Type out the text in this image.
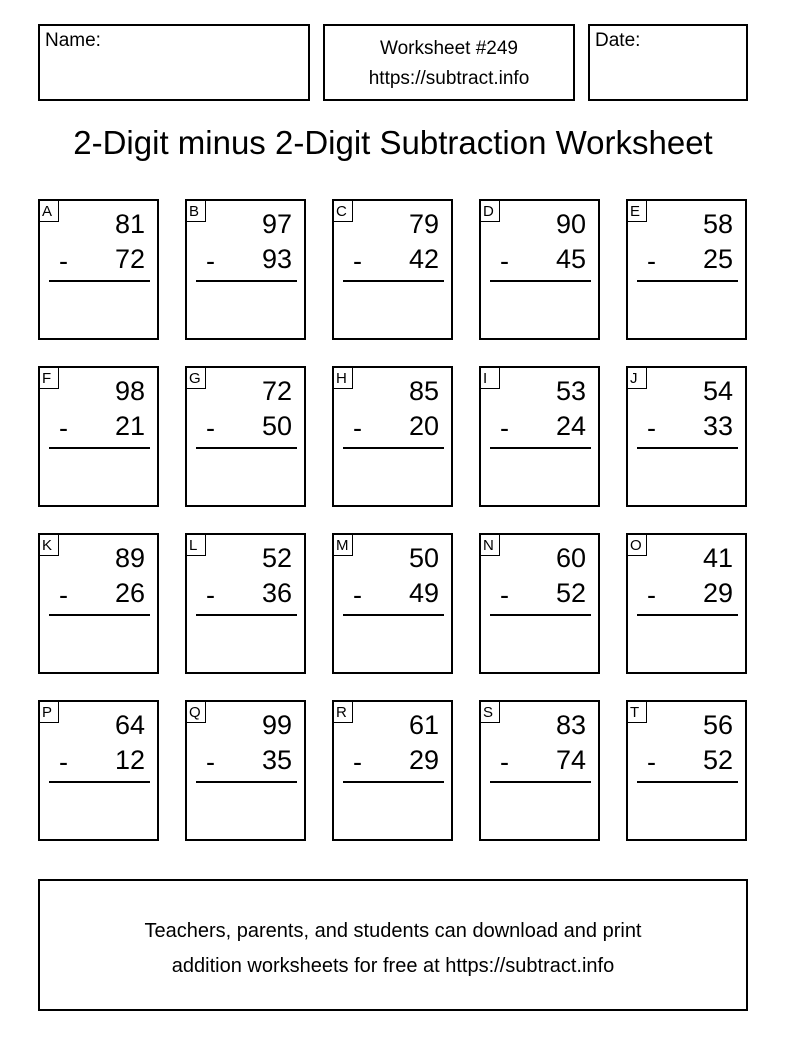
Name:	Worksheet #249
https://subtract.info
Date:
2-Digit minus 2-Digit Subtraction Worksheet
A 81
- 72
B 97
- 93
C 79
- 42
D 90
- 45
E 58
- 25
F 98
- 21
G 72
- 50
H 85
- 20
I	53
- 24
J	54
- 33
K 89
- 26
L	52
- 36
M 50
- 49
N 60
- 52
O 41
- 29
P 64
- 12
Q 99
- 35
R 61
- 29
S 83
- 74
T 56
- 52
Teachers, parents, and students can download and print
addition worksheets for free at https://subtract.info
